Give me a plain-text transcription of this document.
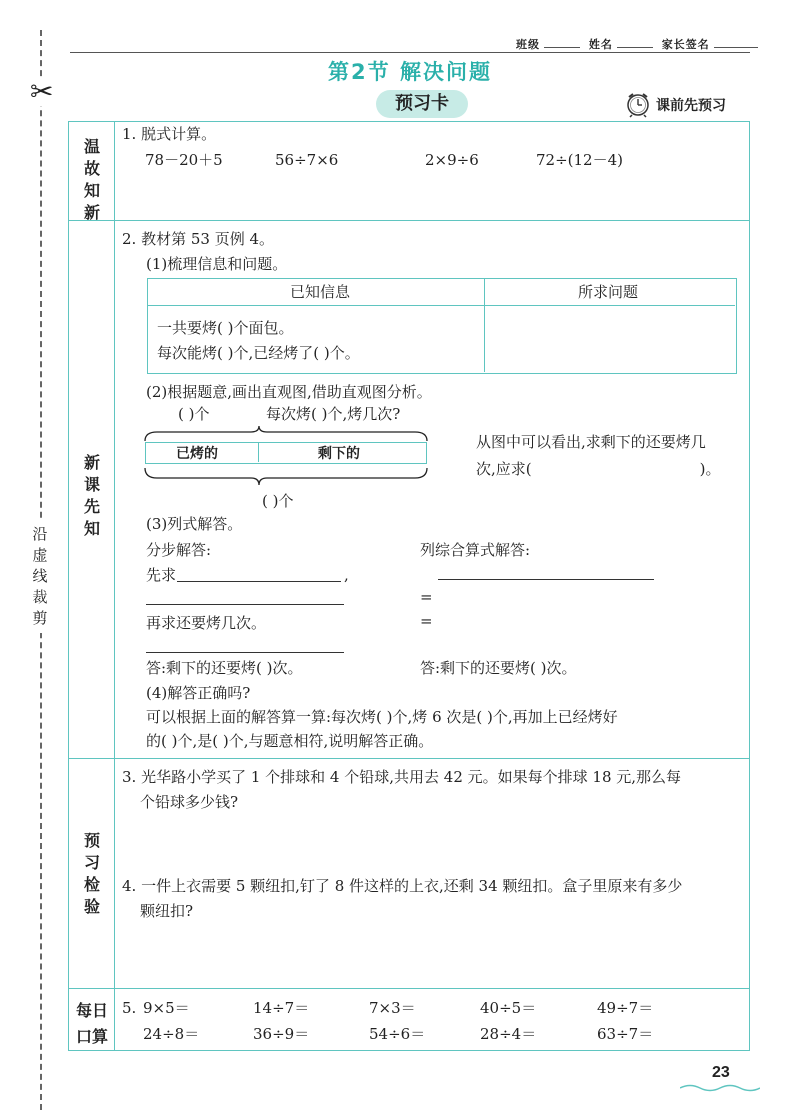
✂
沿
虚
线
裁
剪
班级	姓名	家长签名
第2节 解决问题
预习卡	课前先预习
温
故
知
新
新
课
先
知
预
习
检
验
每日
口算
1. 脱式计算。
78－20＋5	56÷7×6	2×9÷6	72÷(12－4)
2. 教材第 53 页例 4。
(1)梳理信息和问题。
已知信息	所求问题
一共要烤( )个面包。
每次能烤( )个,已经烤了( )个。
(2)根据题意,画出直观图,借助直观图分析。
( )个	每次烤( )个,烤几次?
已烤的	剩下的
( )个
从图中可以看出,求剩下的还要烤几
次,应求(	)。
(3)列式解答。
分步解答:	列综合算式解答:
先求	,
=
再求还要烤几次。	=
答:剩下的还要烤( )次。	答:剩下的还要烤( )次。
(4)解答正确吗?
可以根据上面的解答算一算:每次烤( )个,烤 6 次是( )个,再加上已经烤好
的( )个,是( )个,与题意相符,说明解答正确。
3. 光华路小学买了 1 个排球和 4 个铅球,共用去 42 元。如果每个排球 18 元,那么每
个铅球多少钱?
4. 一件上衣需要 5 颗纽扣,钉了 8 件这样的上衣,还剩 34 颗纽扣。盒子里原来有多少
颗纽扣?
5. 9×5＝	14÷7＝	7×3＝	40÷5＝	49÷7＝
24÷8＝	36÷9＝	54÷6＝	28÷4＝	63÷7＝
23
